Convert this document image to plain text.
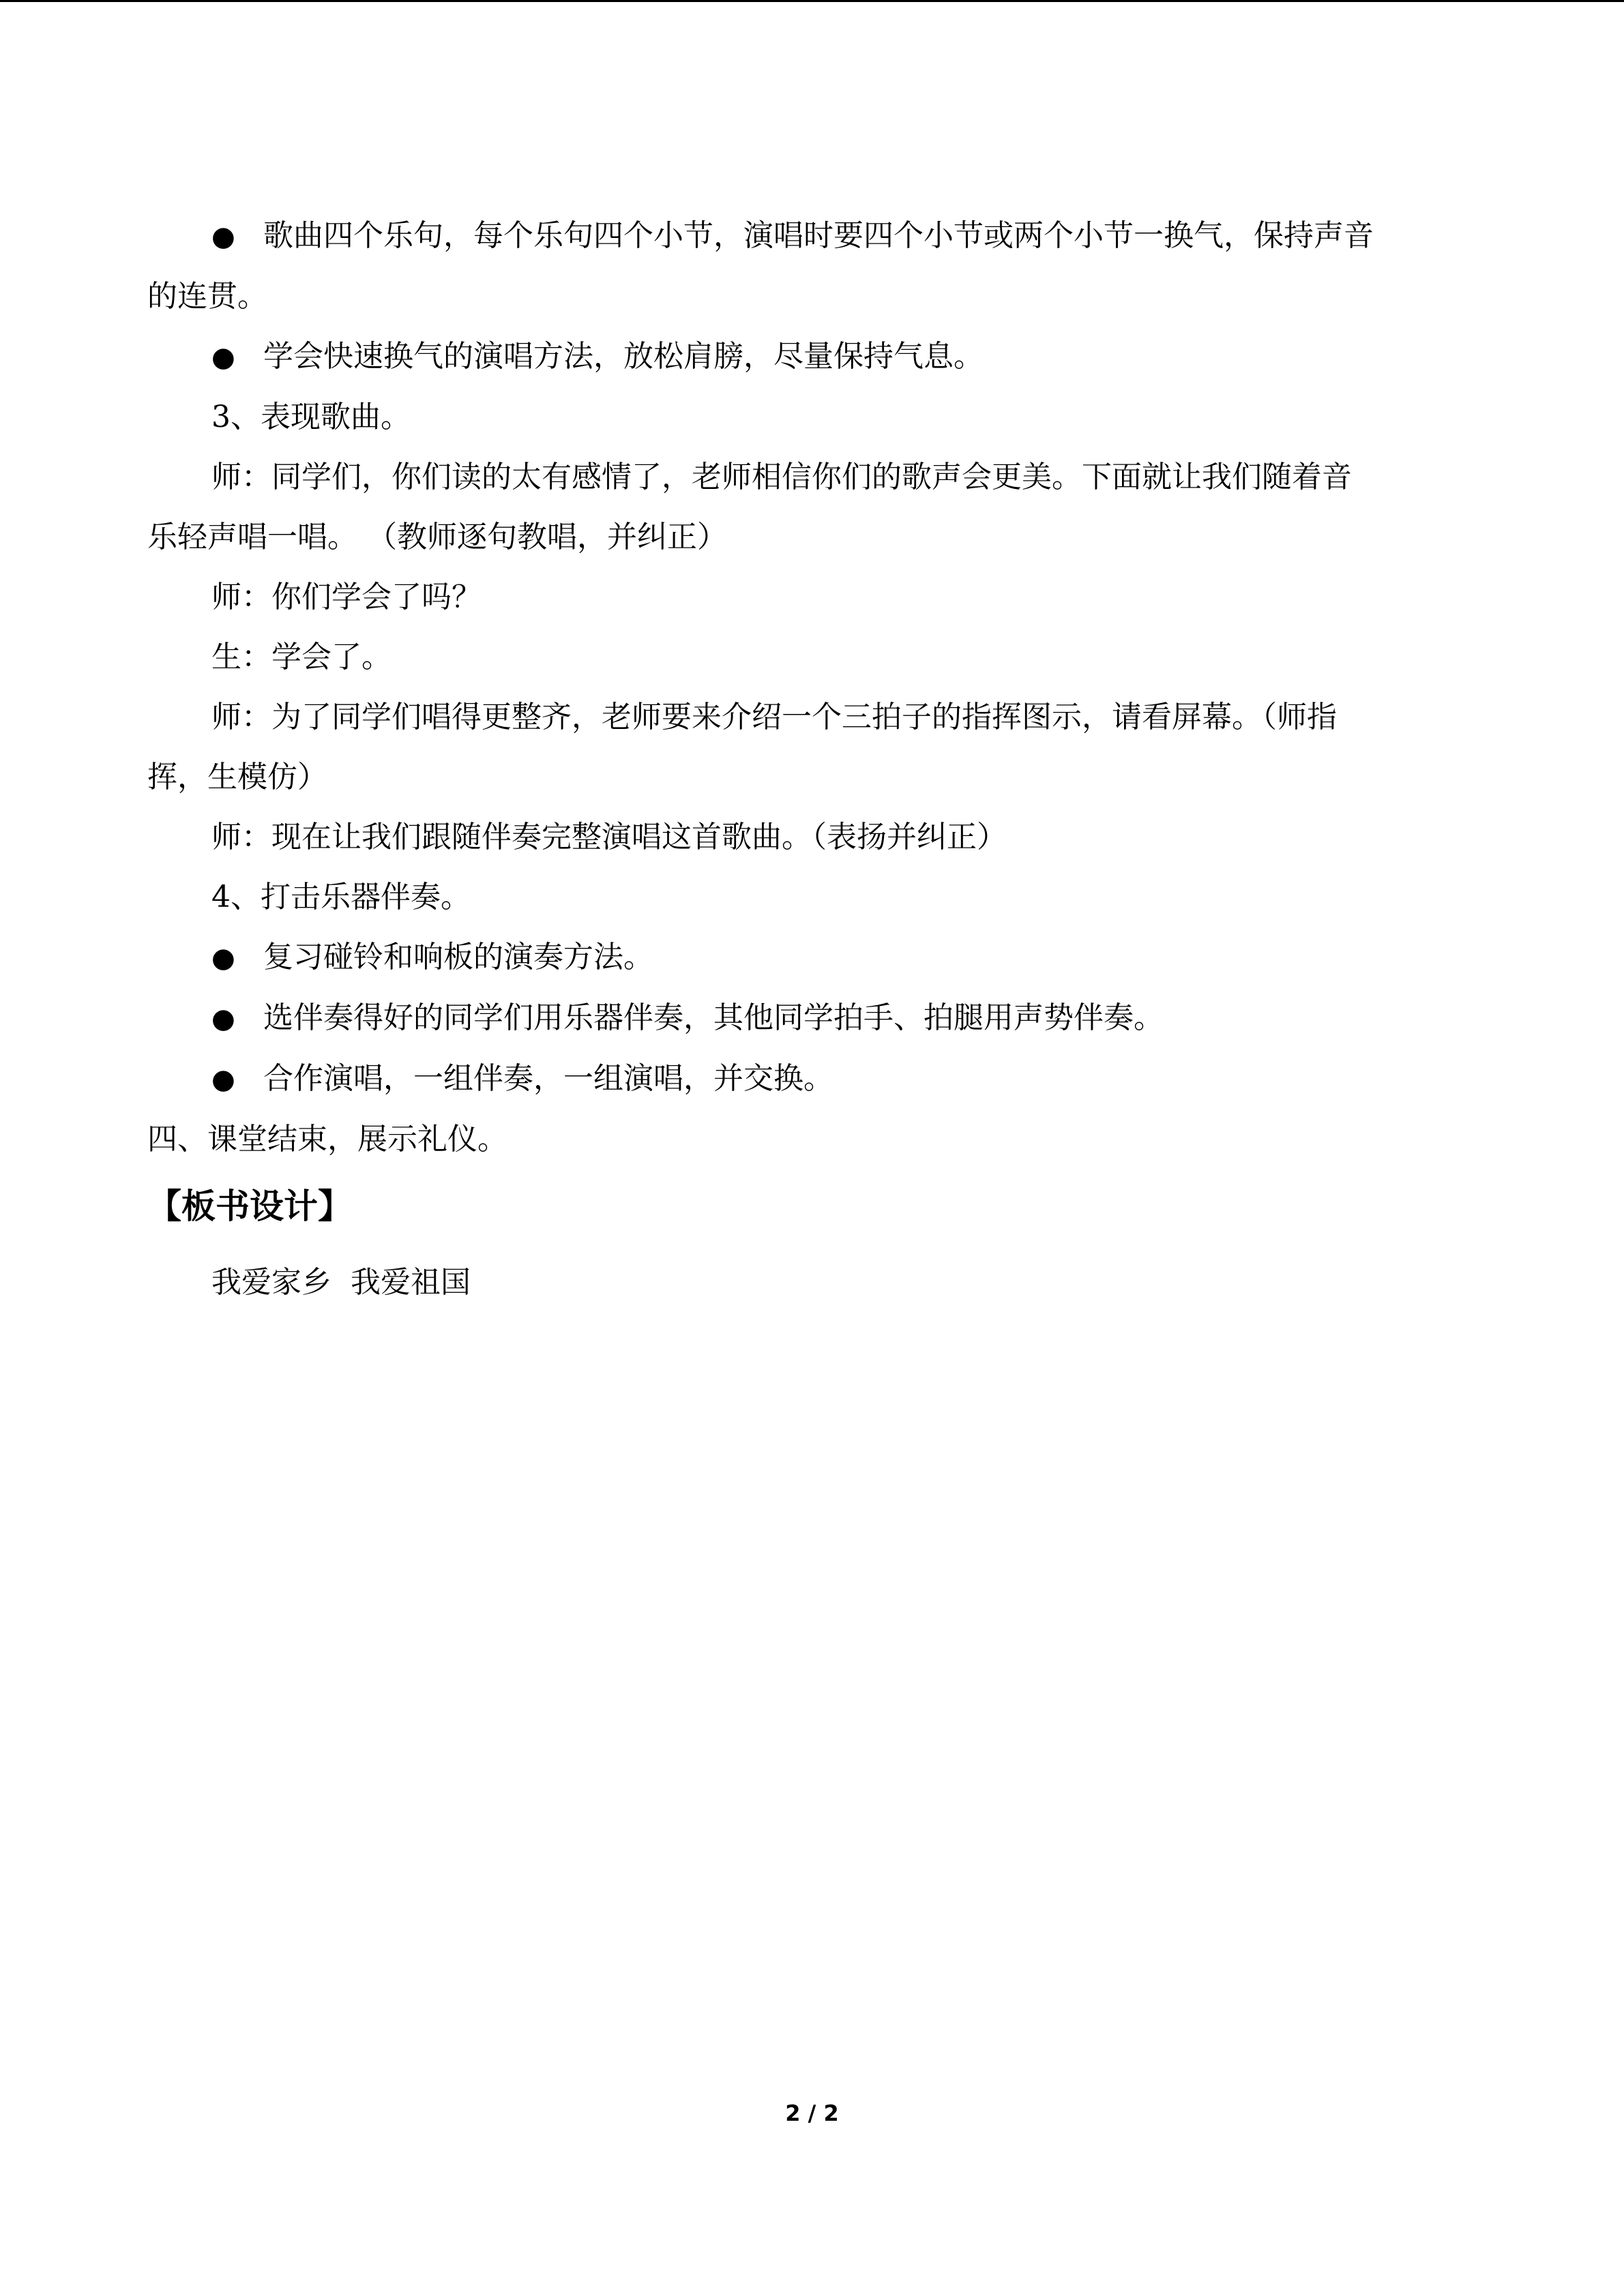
● 歌曲四个乐句，每个乐句四个小节，演唱时要四个小节或两个小节一换气，保持声音
的连贯。
● 学会快速换气的演唱方法，放松肩膀，尽量保持气息。
3、表现歌曲。
师：同学们，你们读的太有感情了，老师相信你们的歌声会更美。下面就让我们随着音
乐轻声唱一唱。 （教师逐句教唱，并纠正）
师：你们学会了吗？
生：学会了。
师：为了同学们唱得更整齐，老师要来介绍一个三拍子的指挥图示，请看屏幕。（师指
挥，生模仿）
师：现在让我们跟随伴奏完整演唱这首歌曲。（表扬并纠正）
4、打击乐器伴奏。
● 复习碰铃和响板的演奏方法。
● 选伴奏得好的同学们用乐器伴奏，其他同学拍手、拍腿用声势伴奏。
● 合作演唱，一组伴奏，一组演唱，并交换。
四、课堂结束，展示礼仪。
【板书设计】
我爱家乡 我爱祖国
2 / 2
